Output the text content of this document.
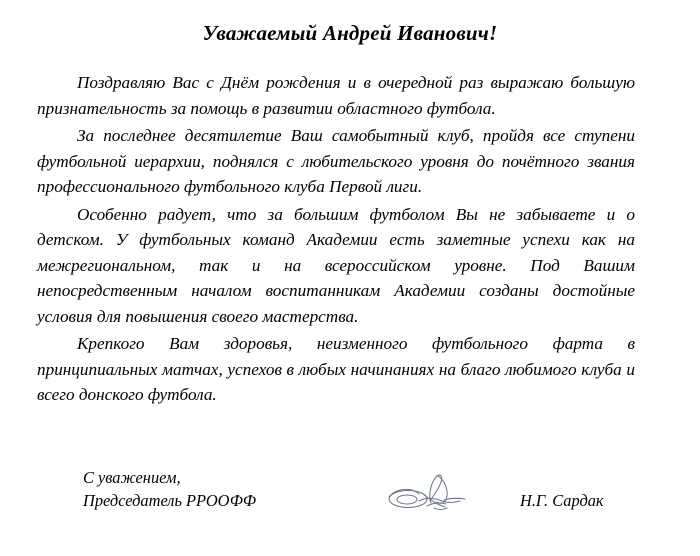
Уважаемый Андрей Иванович!

Поздравляю Вас с Днём рождения и в очередной раз выражаю большую признательность за помощь в развитии областного футбола.

За последнее десятилетие Ваш самобытный клуб, пройдя все ступени футбольной иерархии, поднялся с любительского уровня до почётного звания профессионального футбольного клуба Первой лиги.

Особенно радует, что за большим футболом Вы не забываете и о детском. У футбольных команд Академии есть заметные успехи как на межрегиональном, так и на всероссийском уровне. Под Вашим непосредственным началом воспитанникам Академии созданы достойные условия для повышения своего мастерства.

Крепкого Вам здоровья, неизменного футбольного фарта в принципиальных матчах, успехов в любых начинаниях на благо любимого клуба и всего донского футбола.

С уважением,
Председатель РРООФФ	Н.Г. Сардак
